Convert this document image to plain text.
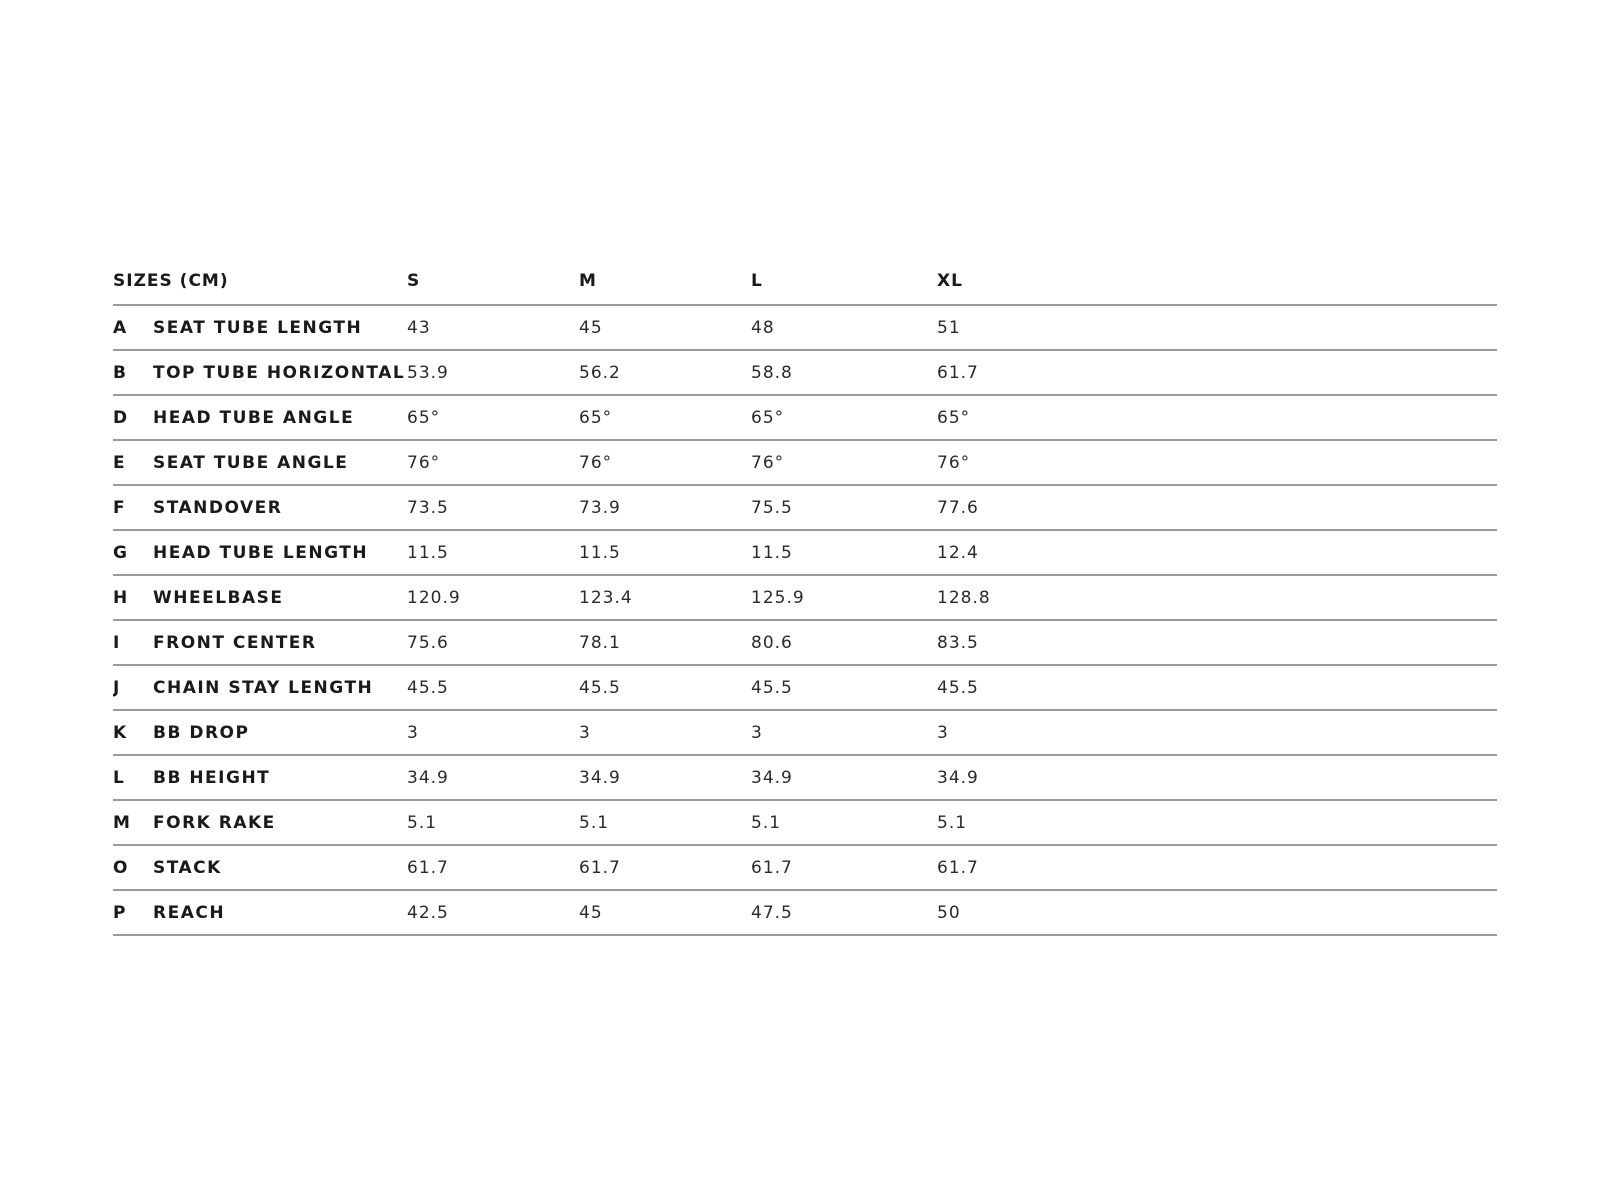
SIZES (CM)		S	M	L	XL
A	SEAT TUBE LENGTH	43	45	48	51
B	TOP TUBE HORIZONTAL	53.9	56.2	58.8	61.7
D	HEAD TUBE ANGLE	65°	65°	65°	65°
E	SEAT TUBE ANGLE	76°	76°	76°	76°
F	STANDOVER	73.5	73.9	75.5	77.6
G	HEAD TUBE LENGTH	11.5	11.5	11.5	12.4
H	WHEELBASE	120.9	123.4	125.9	128.8
I	FRONT CENTER	75.6	78.1	80.6	83.5
J	CHAIN STAY LENGTH	45.5	45.5	45.5	45.5
K	BB DROP	3	3	3	3
L	BB HEIGHT	34.9	34.9	34.9	34.9
M	FORK RAKE	5.1	5.1	5.1	5.1
O	STACK	61.7	61.7	61.7	61.7
P	REACH	42.5	45	47.5	50
